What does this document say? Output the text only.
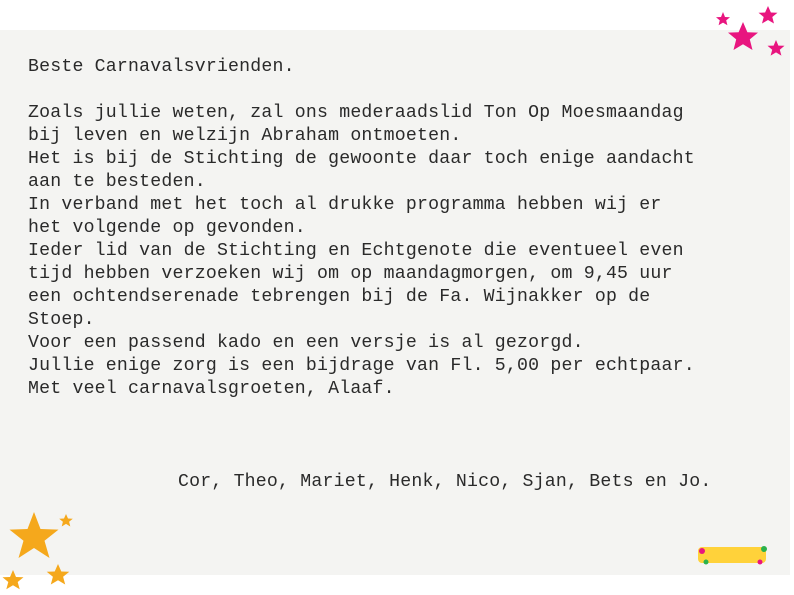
Beste Carnavalsvrienden.
Zoals jullie weten, zal ons mederaadslid Ton Op Moesmaandag
bij leven en welzijn Abraham ontmoeten.
Het is bij de Stichting de gewoonte daar toch enige aandacht
aan te besteden.
In verband met het toch al drukke programma hebben wij er
het volgende op gevonden.
Ieder lid van de Stichting en Echtgenote die eventueel even
tijd hebben verzoeken wij om op maandagmorgen, om 9,45 uur
een ochtendserenade tebrengen bij de Fa. Wijnakker op de
Stoep.
Voor een passend kado en een versje is al gezorgd.
Jullie enige zorg is een bijdrage van Fl. 5,00 per echtpaar.
Met veel carnavalsgroeten, Alaaf.
Cor, Theo, Mariet, Henk, Nico, Sjan, Bets en Jo.
